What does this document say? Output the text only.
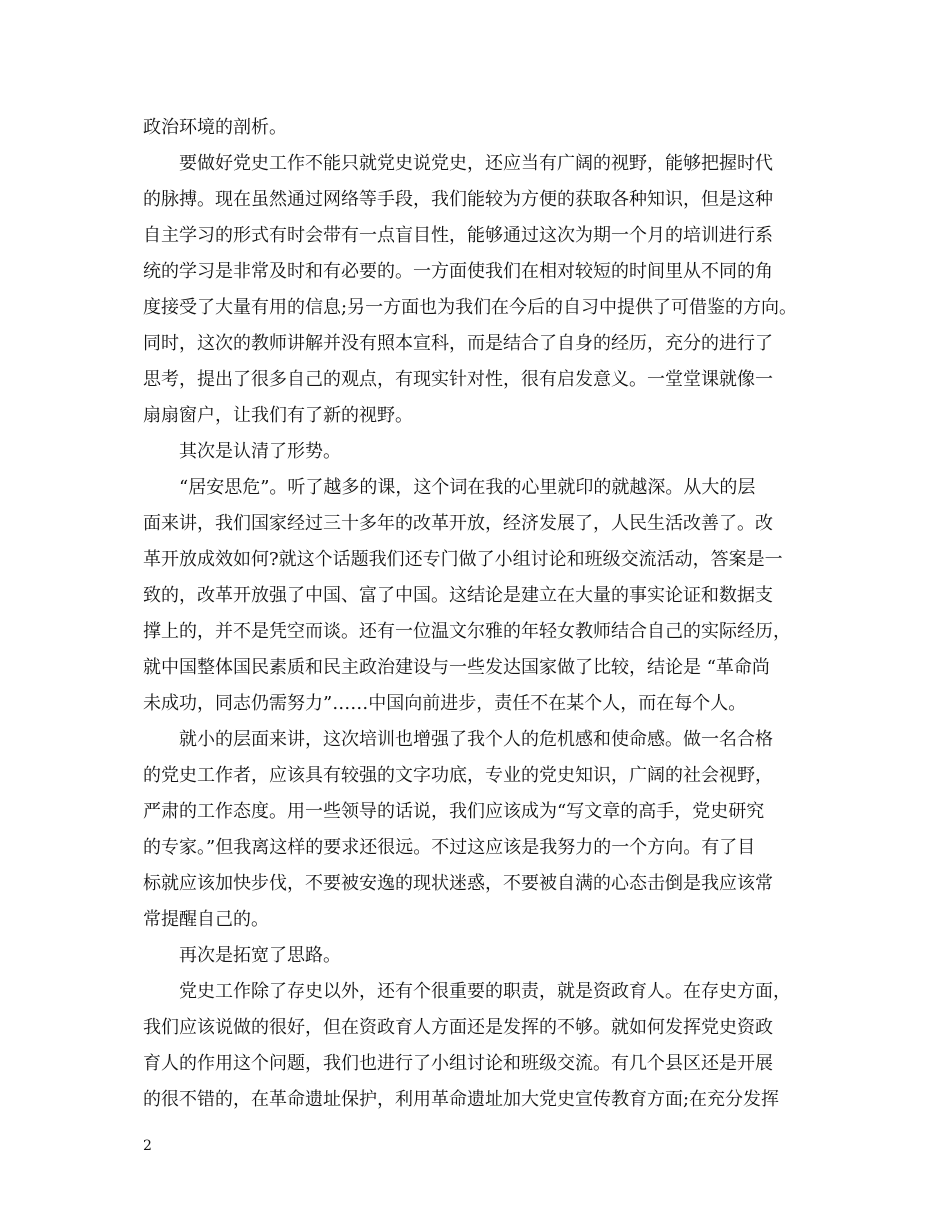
政治环境的剖析。
要做好党史工作不能只就党史说党史，还应当有广阔的视野，能够把握时代
的脉搏。现在虽然通过网络等手段，我们能较为方便的获取各种知识，但是这种
自主学习的形式有时会带有一点盲目性，能够通过这次为期一个月的培训进行系
统的学习是非常及时和有必要的。一方面使我们在相对较短的时间里从不同的角
度接受了大量有用的信息;另一方面也为我们在今后的自习中提供了可借鉴的方向。
同时，这次的教师讲解并没有照本宣科，而是结合了自身的经历，充分的进行了
思考，提出了很多自己的观点，有现实针对性，很有启发意义。一堂堂课就像一
扇扇窗户，让我们有了新的视野。
其次是认清了形势。
“居安思危”。听了越多的课，这个词在我的心里就印的就越深。从大的层
面来讲，我们国家经过三十多年的改革开放，经济发展了，人民生活改善了。改
革开放成效如何?就这个话题我们还专门做了小组讨论和班级交流活动，答案是一
致的，改革开放强了中国、富了中国。这结论是建立在大量的事实论证和数据支
撑上的，并不是凭空而谈。还有一位温文尔雅的年轻女教师结合自己的实际经历，
就中国整体国民素质和民主政治建设与一些发达国家做了比较，结论是 “革命尚
未成功，同志仍需努力”……中国向前进步，责任不在某个人，而在每个人。
就小的层面来讲，这次培训也增强了我个人的危机感和使命感。做一名合格
的党史工作者，应该具有较强的文字功底，专业的党史知识，广阔的社会视野，
严肃的工作态度。用一些领导的话说，我们应该成为“写文章的高手，党史研究
的专家。”但我离这样的要求还很远。不过这应该是我努力的一个方向。有了目
标就应该加快步伐，不要被安逸的现状迷惑，不要被自满的心态击倒是我应该常
常提醒自己的。
再次是拓宽了思路。
党史工作除了存史以外，还有个很重要的职责，就是资政育人。在存史方面，
我们应该说做的很好，但在资政育人方面还是发挥的不够。就如何发挥党史资政
育人的作用这个问题，我们也进行了小组讨论和班级交流。有几个县区还是开展
的很不错的，在革命遗址保护，利用革命遗址加大党史宣传教育方面;在充分发挥
2
